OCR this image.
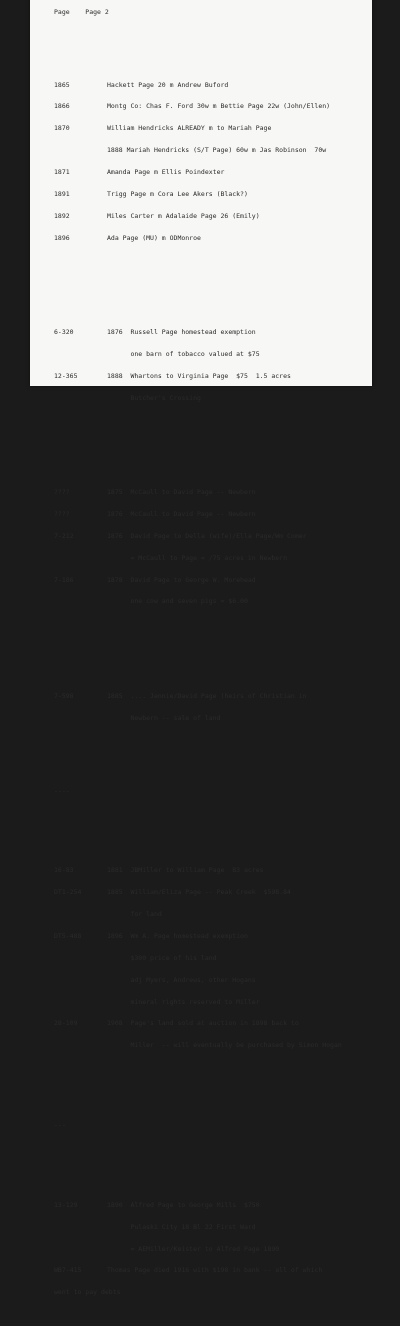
Page    Page 2

1865	Hackett Page 20 m Andrew Buford

1866	Montg Co: Chas F. Ford 30w m Bettie Page 22w (John/Ellen)

1870	William Hendricks ALREADY m to Mariah Page

1888 Mariah Hendricks (S/T Page) 60w m Jas Robinson  70w

1871	Amanda Page m Ellis Poindexter

1891	Trigg Page m Cora Lee Akers (Black?)

1892	Miles Carter m Adalaide Page 26 (Emily)

1896	Ada Page (MU) m ODMonroe

6-320	1876  Russell Page homestead exemption

one barn of tobacco valued at $75

12-365	1888  Whartons to Virginia Page  $75  1.5 acres

Butcher's Crossing

????	1875  McCaull to David Page -- Newbern

????	1876  McCaull to David Page -- Newbern

7-212	1876  David Page to Della (wife)/Ella Page/Wm Comer

= McCaull to Page = /75 acres in Newbern

7-186	1878  David Page to George W. Morehead

one cow and seven pigs = $6.00

7-598	1885  .... Jennie/David Page (heirs of Christian in

Newbern -- sale of land

----

16-83	1881  JBMiller to William Page  83 acres

DT1-254	1885  William/Eliza Page -- Peak Creek  $598.84

for land

DT5-488	1896  Wm A. Page homestead exemption

$300 price of his land

adj Myers, Andrews, other Hogans

mineral rights reserved to Miller

28-109	1908  Page's land sold at auction in 1898 back to

Miller  -- will eventually be purchased by Simon Hogan

---

13-129	1890  Alfred Page to George Mills  $750

Pulaski City 18 Bl 22 First Ward

= AEMiller/Keister to Alfred Page 1890

WB7-415	Thomas Page died 1916 with $198 in bank -- all of which

went to pay debts
